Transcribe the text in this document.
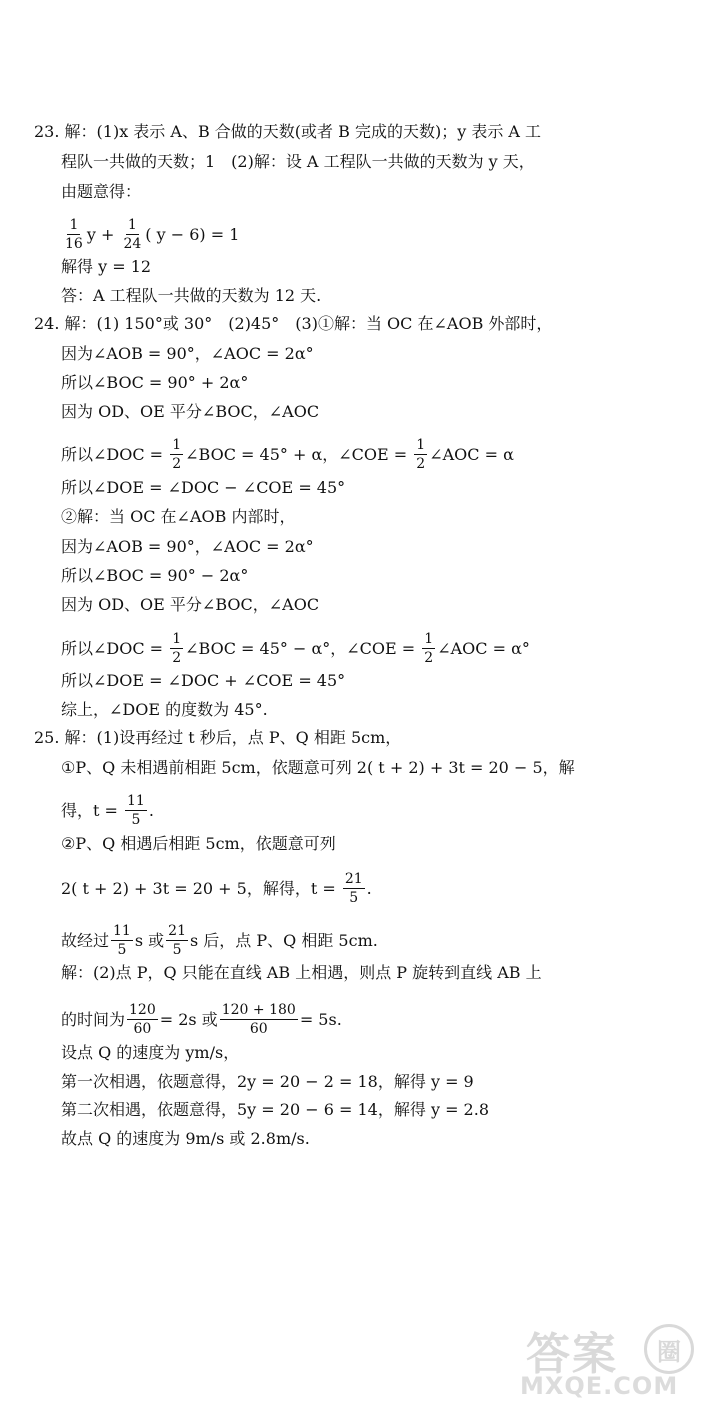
23. 解：(1)x 表示 A、B 合做的天数(或者 B 完成的天数)；y 表示 A 工
程队一共做的天数；1　(2)解：设 A 工程队一共做的天数为 y 天，
由题意得：
$\frac{1}{16}$ $y + \frac{1}{24}$ ( y − 6) = 1
解得 y = 12
答：A 工程队一共做的天数为 12 天.
24. 解：(1) 150°或 30°　(2)45°　(3)①解：当 OC 在∠AOB 外部时，
因为∠AOB = 90°，∠AOC = 2α°
所以∠BOC = 90° + 2α°
因为 OD、OE 平分∠BOC，∠AOC
所以∠DOC = $\frac{1}{2}$ ∠BOC = 45° + α，∠COE = $\frac{1}{2}$ ∠AOC = α
所以∠DOE = ∠DOC − ∠COE = 45°
②解：当 OC 在∠AOB 内部时，
因为∠AOB = 90°，∠AOC = 2α°
所以∠BOC = 90° − 2α°
因为 OD、OE 平分∠BOC，∠AOC
所以∠DOC = $\frac{1}{2}$ ∠BOC = 45° − α°，∠COE = $\frac{1}{2}$ ∠AOC = α°
所以∠DOE = ∠DOC + ∠COE = 45°
综上，∠DOE 的度数为 45°.
25. 解：(1)设再经过 t 秒后，点 P、Q 相距 5cm，
①P、Q 未相遇前相距 5cm，依题意可列 2( t + 2) + 3t = 20 − 5，解
得，$t = \frac{11}{5}$ .
②P、Q 相遇后相距 5cm，依题意可列
2( t + 2) + 3t = 20 + 5，解得，$t = \frac{21}{5}$ .
故经过 $\frac{11}{5}$ s 或 $\frac{21}{5}$ s 后，点 P、Q 相距 5cm.
解：(2)点 P，Q 只能在直线 AB 上相遇，则点 P 旋转到直线 AB 上
的时间为 $\frac{120}{60} = 2s$ 或 $\frac{120 + 180}{60} = 5s$.
设点 Q 的速度为 ym/s，
第一次相遇，依题意得，2y = 20 − 2 = 18，解得 y = 9
第二次相遇，依题意得，5y = 20 − 6 = 14，解得 y = 2.8
故点 Q 的速度为 9m/s 或 2.8m/s.
答案	圈
MXQE.COM
